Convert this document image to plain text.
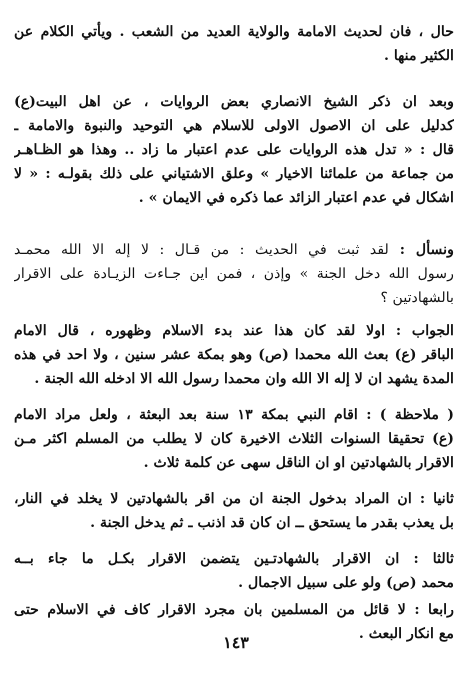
حال ، فان لحديث الامامة والولاية العديد من الشعب . ويأتي الكلام عن
الكثير منها .
وبعد ان ذكر الشيخ الانصاري بعض الروايات ، عن اهل البيت(ع)
كدليل على ان الاصول الاولى للاسلام هي التوحيد والنبوة والامامة ـ
قال : « تدل هذه الروايات على عدم اعتبار ما زاد .. وهذا هو الظـاهـر
من جماعة من علمائنا الاخيار » وعلق الاشتياني على ذلك بقولـه : « لا
اشكال في عدم اعتبار الزائد عما ذكره في الايمان » .
ونسأل : لقد ثبت في الحديث : من قـال : لا إله الا الله محمـد
رسول الله دخل الجنة » وإذن ، فمن اين جـاءت الزيـادة على الاقرار
بالشهادتين ؟
الجواب : اولا لقد كان هذا عند بدء الاسلام وظهوره ، قال الامام
الباقر (ع) بعث الله محمدا (ص) وهو بمكة عشر سنين ، ولا احد في هذه
المدة يشهد ان لا إله الا الله وان محمدا رسول الله الا ادخله الله الجنة .
( ملاحظة ) : اقام النبي بمكة ١٣ سنة بعد البعثة ، ولعل مراد الامام
(ع) تحقيقا السنوات الثلاث الاخيرة كان لا يطلب من المسلم اكثر مـن
الاقرار بالشهادتين او ان الناقل سهى عن كلمة ثلاث .
ثانيا : ان المراد بدخول الجنة ان من اقر بالشهادتين لا يخلد في النار،
بل يعذب بقدر ما يستحق ــ ان كان قد اذنب ـ ثم يدخل الجنة .
ثالثا : ان الاقرار بالشهادتـين يتضمن الاقرار بكـل ما جاء بــه
محمد (ص) ولو على سبيل الاجمال .
رابعا : لا قائل من المسلمين بان مجرد الاقرار كاف في الاسلام حتى
مع انكار البعث .
١٤٣
